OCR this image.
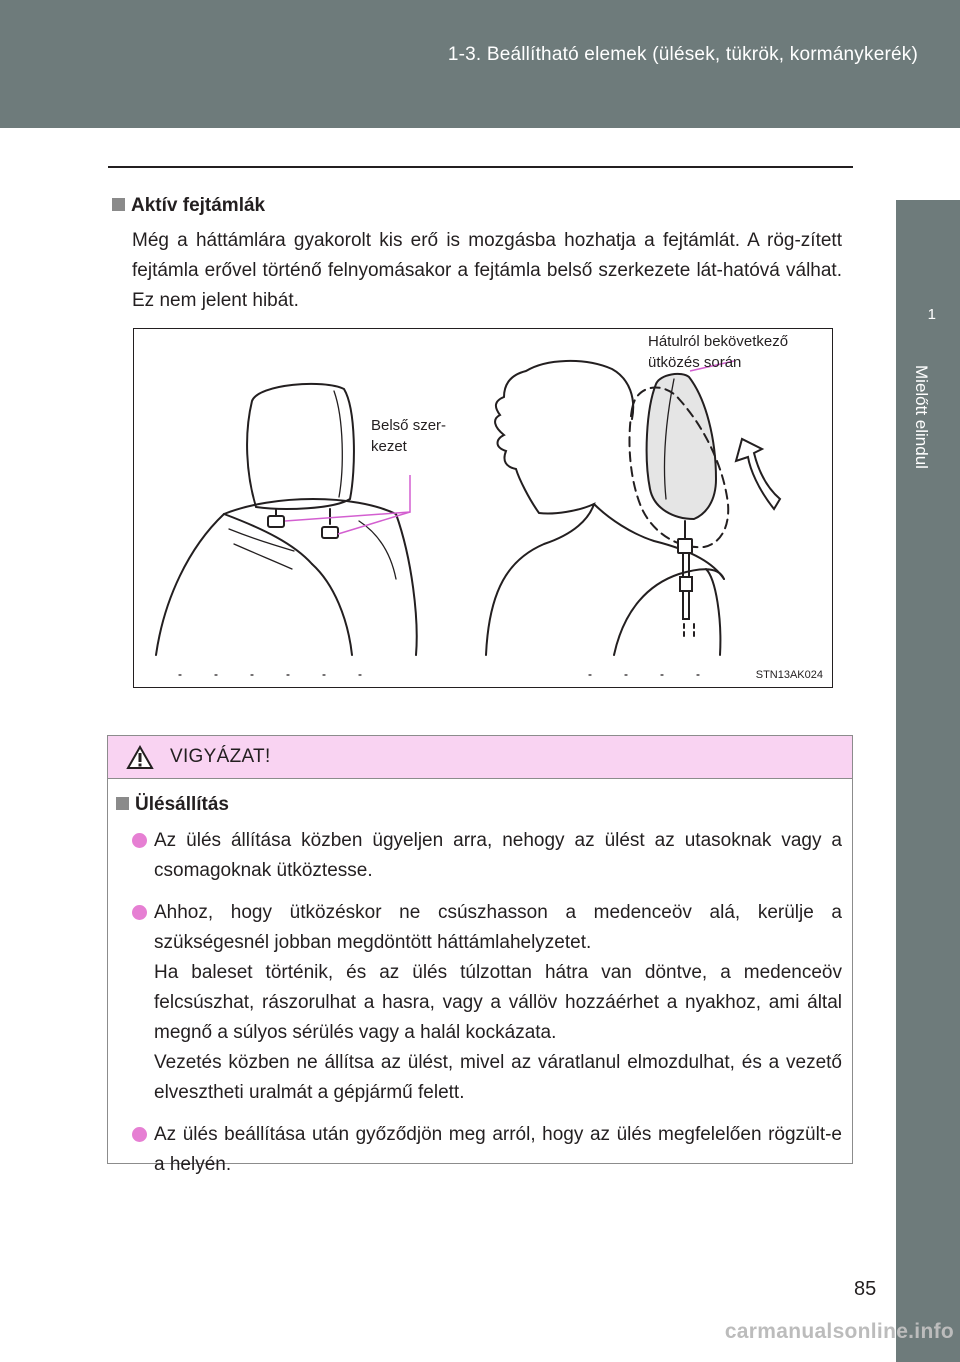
1-3. Beállítható elemek (ülések, tükrök, kormánykerék)
1
Mielőtt elindul
Aktív fejtámlák

Még a háttámlára gyakorolt kis erő is mozgásba hozhatja a fejtámlát. A rög-zített fejtámla erővel történő felnyomásakor a fejtámla belső szerkezete lát-hatóvá válhat. Ez nem jelent hibát.

Belső szer-
kezet
Hátulról bekövetkező
ütközés során
STN13AK024
VIGYÁZAT!
Ülésállítás

Az ülés állítása közben ügyeljen arra, nehogy az ülést az utasoknak vagy a csomagoknak ütköztesse.

Ahhoz, hogy ütközéskor ne csúszhasson a medenceöv alá, kerülje a szükségesnél jobban megdöntött háttámlahelyzetet.

Ha baleset történik, és az ülés túlzottan hátra van döntve, a medenceöv felcsúszhat, rászorulhat a hasra, vagy a vállöv hozzáérhet a nyakhoz, ami által megnő a súlyos sérülés vagy a halál kockázata.

Vezetés közben ne állítsa az ülést, mivel az váratlanul elmozdulhat, és a vezető elvesztheti uralmát a gépjármű felett.

Az ülés beállítása után győződjön meg arról, hogy az ülés megfelelően rögzült-e a helyén.

85
carmanualsonline.info
